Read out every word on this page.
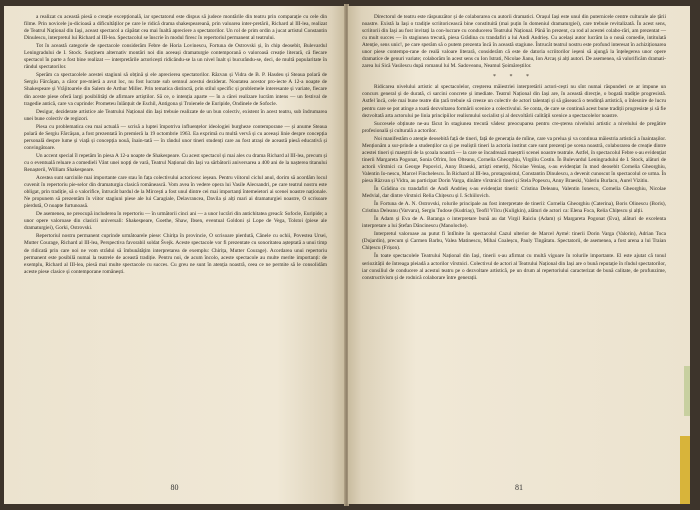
a realizat cu această piesă o creație excepțională, iar spectatorul este dispus să judece montările din teatru prin comparație cu cele din filme. Prin novicele ju-dicioasă a dificultăților pe care le ridică drama shakespeareană, prin valoarea inter-pretării, Richard al III-lea, realizat de Teatrul Național din Iași, aceast spectacol a căpătat cea mai înaltă apreciere a spectatorilor. Un rol de prim ordin a jucat artistul Constantin Dinulescu, interpretul lui Richard al III-lea. Spectacolul se înscrie în modul firesc în repertoriul permanent al teatrului.

Tot în această categorie de spectacole considerăm Febre de Horia Lovinescu, Fortuna de Ostrovski și, în chip deosebit, Bulevardul Leningradului de I. Stock. Susținem alternativ montări noi din aceeași dramaturgie contemporană o valoroasă creație literară, că fiecare spectacol în parte a fost bine realizat — interpretările actoricești ridicându-se la un nivel înalt și bucurându-se, deci, de multă popularitate în rândul spectatorilor.

Sperăm ca spectacolele acestei stagiuni să obțină și ele aprecierea spectatorilor. Răzvan și Vidra de B. P. Hasdeu și Steaua polară de Sergiu Fărcășan, a căror pre-mieră a avut loc, nu fost lucrate sub semnul acestui deziderat. Noutatea acestor pro-iecte A 12-a noapte de Shakespeare și Vrăjitoarele din Salem de Arthur Miller. Prin tematica distinctă, prin stilul specific și problemele interesante și variate, fiecare din aceste piese oferă largi posibilități de afirmare artiștilor. Să ce, o intenția aparte — în a cărei realizare lucrăm intens — un festival de tragedie antică, care va cuprinde: Prometeu înlănțuit de Eschil, Antigona și Troienele de Euripide, Ondinele de Sofocle.

Desigur, deziderate artistice ale Teatrului Național din Iași trebuie realizate de un bun colectiv, existent în acest teatru, sub îndrumarea unei bune colectiv de regizori.

Piesa cu problematica cea mai actuală — scrisă a luptei împotriva influențelor ideologiei burgheze contemporane — și anume Steaua polară de Sergiu Fărcășan, a fost prezentată în premieră la 19 octombrie 1963. Ea exprimă cu multă vervă și cu aceeași linie despre concepția personală despre lume și viață și concepția nouă, înain-tată — în rândul unor tineri studenți care au fost atrași de această piesă educativă și convingătoare.

Un accent special îl repetăm în piesa A 12-a noapte de Shakespeare. Cu acest spectacol și mai ales cu drama Richard al III-lea, precum și cu o eventuală reluare a comedieli Vânt unei nopți de vară, Teatrul Național din Iași va sărbătorii aniversarea a 400 ani de la nașterea titanului Renașterii, William Shakespeare.

Acestea sunt sarcinile mai importante care stau în fața colectivului actoricesc ieșean. Pentru viitorul ciclul anul, dorim să acordăm locul cuvenit în repertoriu pie-selor din dramaturgia clasică românească. Vom avea în vedere opera lui Vasile Alecsandri, pe care teatrul nostru este obligat, prin tradiție, să o valorifice, întrucât bardul de la Mircești a fost unul dintre cei mai importanți întemeietori ai scenei noastre naționale. Ne propunem să prezentăm în viitor stagiuni piese ale lui Caragiale, Delavrancea, Davila și alți mari ai dramaturgiei noastre, O scrisoare pierdută, O noapte furtunoasă.

De asemenea, ne preocupă includerea în repertoriu — în următorii cinci ani — a unor lucrări din antichitatea greacă: Sofocle, Euripide; a unor opere valoroase din clasicii universali: Shakespeare, Goethe, Shaw, Ibsen, eventual Goldoni și Lope de Vega, Tolstoi (piese ale dramaturgiei), Gorki, Ostrovski.

Repertoriul nostru permanent cuprinde următoarele piese: Chirița în provincie, O scrisoare pierdută, Cânele cu ochii, Povestea Ursei, Mutter Courage, Richard al III-lea, Perspectiva favorabil soldat Švejk. Aceste spectacole vor fi prezentate cu sonoritatea așteptată a unui timp de ridicată prin care noi ne vom strădui să îmbunătățim interpretarea de exemplu: Chirița, Mutter Courage). Acordarea unui repertoriu permanent este posibilă numai la teatrele de această tradiție. Pentru noi, de acum încolo, aceste spectacole au multe merite importanți: de exemplu, Richard al III-lea, piesă mai multe spectacole cu succes. Cu greu ne sunt în atenția noastră, ceea ce ne permite să le consolidăm aceste piese clasice și contemporane românești.

80

Directorul de teatru este răspunzător și de colaborarea cu autorii dramatici. Orașul Iași este unul din puternicele centre culturale ale țării noastre. Există la Iași o tradiție scriitoricească bine constituită (mai puțin în domeniul dramaturgiei), care trebuie revitalizată. În acest sens, scriitorii din Iași au fost invitați la con-lucrare cu conducerea Teatrului Național. Până în prezent, ca rod al acestei colabo-rări, am prezentat — cu mult succes — în stagiunea trecută, piesa Grădina cu trandafiri a lui Andi Andrieș. Cu același autor lucrăm la o nouă comedie, intitulată Atenție, sens unic!, pe care sperăm să o putem prezenta încă în această stagiune. Întrucât teatrul nostru este profund interesat în achiziționarea unor piese contempo-rane de reală valoare literară, considerăm că este de datoria scriitorilor ieșeni să ajungă la înțelegerea unor opere dramatice de genuri variate; colaborăm în acest sens cu Ion Istrati, Nicolae Jianu, Ion Arcaș și alți autori. De asemenea, să valorificăm dramati-zarea lui Sică Vasilescu după romanul lui M. Sadoveanu, Neamul Șoimăreștilor.

* * *

Ridicarea nivelului artistic al spectacolelor, creșterea măiestriei interpretării actori-cești nu sînt numai răspunderi ce ar impune un concurs general și de durată, ci sarcini concrete și imediate. Teatrul Național din Iași are, în această direcție, o bogată tradiție progresistă. Astfel încă, cele mai bune teatre din țară trebuie să creeze un colectiv de actori talentați și să găsească o tendință artistică, o înlesnire de lucru pentru care se pot atinge a toată dezvoltarea formării scenice a colectivului. Se conta, de care se continuă acest bune tradiții progresiste și să fie dezvoltată arta actorului pe linia principiilor realismului socialist și al dezvoltării calității scenice a spectacolelor noastre.

Succesele obținute ne-au făcut în stagiunea trecută vădesc preocuparea pentru cre-șterea nivelului artistic a nivelului de pregătire profesională și culturală a actorilor.

Noi manifestăm o atenție deosebită față de tineri, față de generația de mîine, care va prelua și va continua măiestria artistică a înaintașilor. Menționăm a sur-prinde a studenților ca și pe realiștii tineri la actoria institut care sunt prezenți pe scena noastră, colaborarea de creație dintre acestei tineri și maeștrii de la școala noastră — la care se încadrează maeștrii scenei noastre teatrale. Astfel, în spectacolul Febre s-au evidențiat tinerii Margareta Pogonat, Sonia Ofrim, Ion Olteanu, Cornelia Gheorghiu, Virgiliu Costin. În Bulevardul Leningradului de I. Stock, alături de actorii vîrstnici ca George Popovici, Anny Braeski, artiști emeriți, Nicolae Veniaș, s-au evidențiat în mod deosebit Cornelia Gheorghiu, Valentin Io-nescu, Marcel Finchelescu. În Richard al III-lea, protagonistul, Constantin Dinulescu, a devenit cunoscut în spectacolul ce urma. În piesa Răzvan și Vidra, au participat Dorin Varga, dinătre vîrstnicii tineri și Stela Popescu, Anny Braeski, Valeriu Burlacu, Aurel Vizitiu.

În Grădina cu trandafiri de Andi Andrieș s-au evidențiat tinerii: Cristina Deleanu, Valentin Ionescu, Cornelia Gheorghiu, Nicolae Medvial, dar dintre vîrstnici Relia Chițescu și I. Schiilovich.

În Fortuna de A. N. Ostrovski, rolurile principale au fost interpretate de tinerii: Cornelia Gheorghiu (Caterina), Boris Olinescu (Boris), Cristina Deleanu (Varvara), Sergiu Tudose (Kudriaș), Teofil Vîlcu (Kuligkin), alături de actori ca: Elena Foca, Relia Chițescu și alții.

În Adam și Eva de A. Baranga o interpretare bună au dat Virgil Raiciu (Adam) și Margareta Pogonat (Eva), alături de excelenta interpretare a lui Ștefan Dăncinescu (Manoloche).

Interpretul valoroase au putut fi întîlnite în spectacolul Cazul ulterior de Marcel Aymé: tinerii Dorin Varga (Valorin), Adrian Toca (Dujardin), precum și Carmen Barbu, Valea Matinescu, Mihai Coaleșcu, Pauly Tingătatu. Spectatorii, de asemenea, a fost arena a lui Traian Chițescu (Frișon).

În toate spectacolele Teatrului Național din Iași, tinerii s-au afirmat cu multă vigoare în rolurile importante. El este ajutat că tonul seriozității de întreaga pleiadă a actorilor vîrstnici. Colectivul de actori al Teatrului Național din Iași are o bună reputație în rîndul spectatorilor, iar consiliul de conducere al acestui teatru pe o dezvoltare artistică, pe un drum al repertoriului caracterizat de bună calitate, de profunzime, constructivism și de rodnică colaborare între generații.

81
